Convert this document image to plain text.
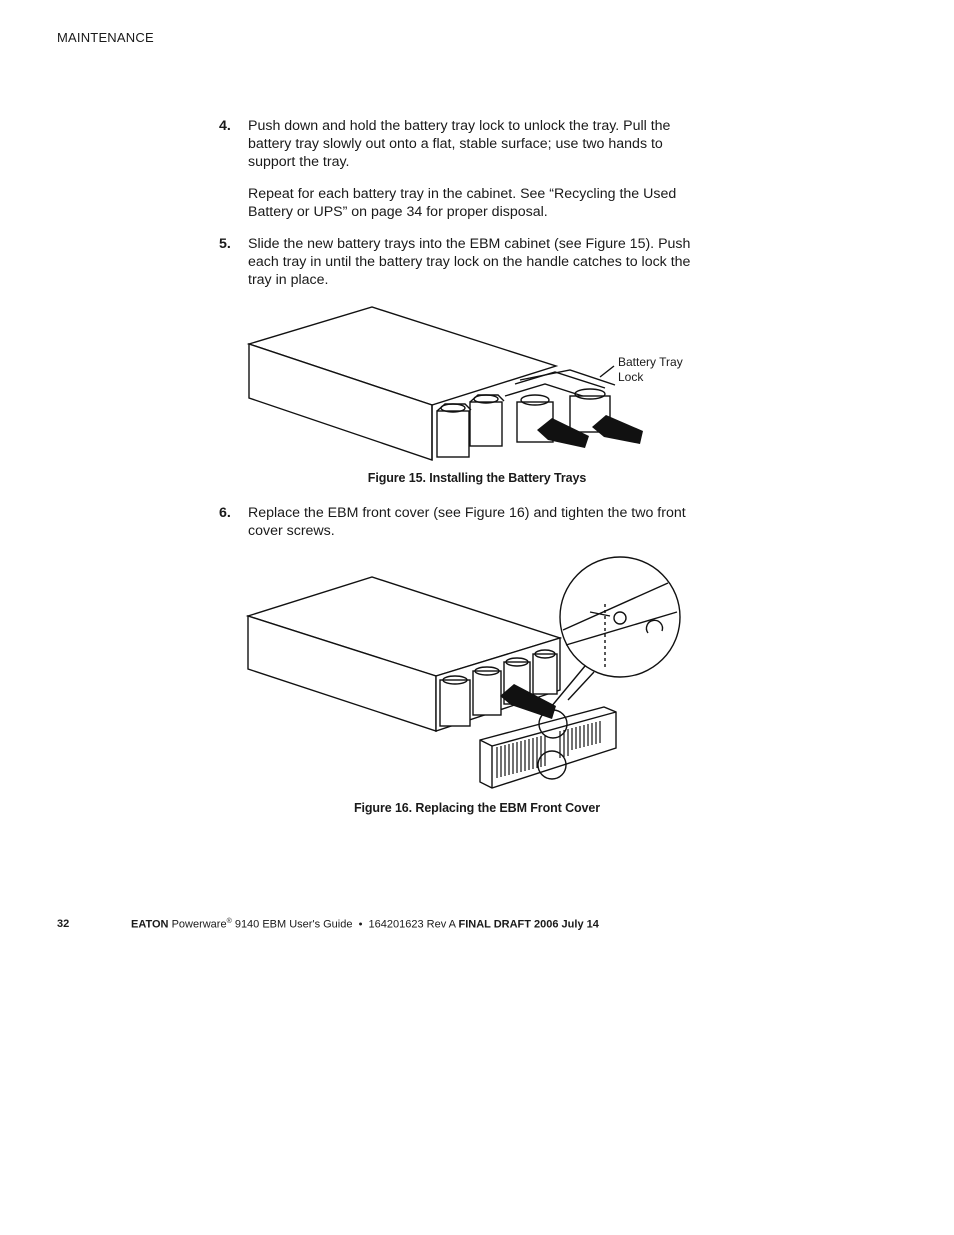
MAINTENANCE
4. Push down and hold the battery tray lock to unlock the tray. Pull the battery tray slowly out onto a flat, stable surface; use two hands to support the tray.

Repeat for each battery tray in the cabinet. See “Recycling the Used Battery or UPS” on page 34 for proper disposal.

5. Slide the new battery trays into the EBM cabinet (see Figure 15). Push each tray in until the battery tray lock on the handle catches to lock the tray in place.

Battery Tray
Lock
Figure 15. Installing the Battery Trays
6. Replace the EBM front cover (see Figure 16) and tighten the two front cover screws.

Figure 16. Replacing the EBM Front Cover
32	EATON Powerware® 9140 EBM User's Guide  •  164201623 Rev A FINAL DRAFT 2006 July 14
